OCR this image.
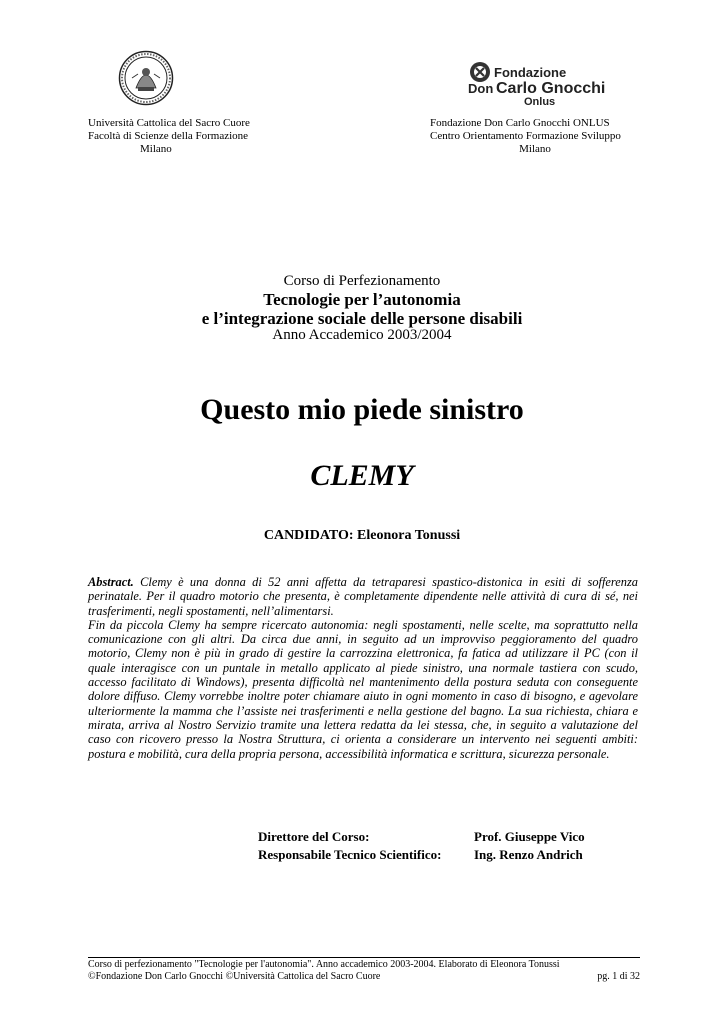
Fondazione
Don Carlo Gnocchi
Onlus
Università Cattolica del Sacro Cuore
Facoltà di Scienze della Formazione
Milano
Fondazione Don Carlo Gnocchi ONLUS
Centro Orientamento Formazione Sviluppo
Milano
Corso di Perfezionamento
Tecnologie per l’autonomia
e l’integrazione sociale delle persone disabili
Anno Accademico 2003/2004
Questo mio piede sinistro
CLEMY
CANDIDATO: Eleonora Tonussi

Abstract. Clemy è una donna di 52 anni affetta da tetraparesi spastico-distonica in esiti di sofferenza perinatale. Per il quadro motorio che presenta, è completamente dipendente nelle attività di cura di sé, nei trasferimenti, negli spostamenti, nell’alimentarsi.

Fin da piccola Clemy ha sempre ricercato autonomia: negli spostamenti, nelle scelte, ma soprattutto nella comunicazione con gli altri. Da circa due anni, in seguito ad un improvviso peggioramento del quadro motorio, Clemy non è più in grado di gestire la carrozzina elettronica, fa fatica ad utilizzare il PC (con il quale interagisce con un puntale in metallo applicato al piede sinistro, una normale tastiera con scudo, accesso facilitato di Windows), presenta difficoltà nel mantenimento della postura seduta con conseguente dolore diffuso. Clemy vorrebbe inoltre poter chiamare aiuto in ogni momento in caso di bisogno, e agevolare ulteriormente la mamma che l’assiste nei trasferimenti e nella gestione del bagno. La sua richiesta, chiara e mirata, arriva al Nostro Servizio tramite una lettera redatta da lei stessa, che, in seguito a valutazione del caso con ricovero presso la Nostra Struttura, ci orienta a considerare un intervento nei seguenti ambiti: postura e mobilità, cura della propria persona, accessibilità informatica e scrittura, sicurezza personale.

Direttore del Corso:	Prof. Giuseppe Vico
Responsabile Tecnico Scientifico:	Ing. Renzo Andrich
Corso di perfezionamento "Tecnologie per l'autonomia". Anno accademico 2003-2004. Elaborato di Eleonora Tonussi
©Fondazione Don Carlo Gnocchi ©Università Cattolica del Sacro Cuore	pg. 1 di 32
